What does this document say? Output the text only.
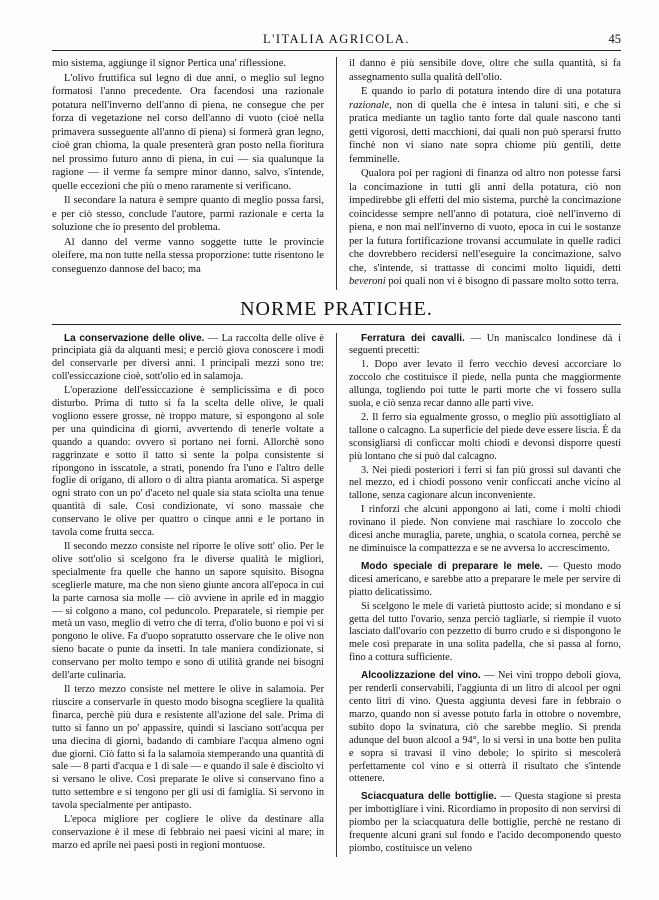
L'ITALIA AGRICOLA.	45

mio sistema, aggiunge il signor Pertica una' riflessione.

L'olivo fruttifica sul legno di due anni, o meglio sul legno formatosi l'anno precedente. Ora facendosi una razionale potatura nell'inverno dell'anno di piena, ne consegue che per forza di vegetazione nel corso dell'anno di vuoto (cioè nella primavera susseguente all'anno di piena) si formerà gran legno, cioè gran chioma, la quale presenterà gran posto nella fioritura nel prossimo futuro anno di piena, in cui — sia qualunque la ragione — il verme fa sempre minor danno, salvo, s'intende, quelle eccezioni che più o meno raramente si verificano.

Il secondare la natura è sempre quanto di meglio possa farsi, e per ciò stesso, conclude l'autore, parmi razionale e certa la soluzione che io presento del problema.

Al danno del verme vanno soggette tutte le provincie oleifere, ma non tutte nella stessa proporzione: tutte risentono le conseguenzo dannose del baco; ma

il danno è più sensibile dove, oltre che sulla quantità, si fa assegnamento sulla qualità dell'olio.

E quando io parlo di potatura intendo dire di una potatura razionale, non di quella che è intesa in taluni siti, e che si pratica mediante un taglio tanto forte dal quale nascono tanti getti vigorosi, detti macchioni, dai quali non può sperarsi frutto finchè non vi siano nate sopra chiome più gentili, dette femminelle.

Qualora poi per ragioni di finanza od altro non potesse farsi la concimazione in tutti gli anni della potatura, ciò non impedirebbe gli effetti del mio sistema, purchè la concimazione coincidesse sempre nell'anno di potatura, cioè nell'inverno di piena, e non mai nell'inverno di vuoto, epoca in cui le sostanze per la futura fortificazione trovansi accumulate in quelle radici che dovrebbero recidersi nell'eseguire la concimazione, salvo che, s'intende, si trattasse di concimi molto liquidi, detti beveroni poi quali non vi è bisogno di passare molto sotto terra.

NORME PRATICHE.

La conservazione delle olive. — La raccolta delle olive è principiata già da alquanti mesi; e perciò giova conoscere i modi del conservarle per diversi anni. I principali mezzi sono tre: coll'essiccazione cioè, sott'olio ed in salamoja.

L'operazione dell'essiccazione è semplicissima e di poco disturbo. Prima di tutto si fa la scelta delle olive, le quali vogliono essere grosse, nè troppo mature, si espongono al sole per una quindicina di giorni, avvertendo di tenerle voltate a quando a quando: ovvero si portano nei forni. Allorchè sono raggrinzate e sotto il tatto si sente la polpa consistente si ripongono in isscatole, a strati, ponendo fra l'uno e l'altro delle foglie di origano, di alloro o di altra pianta aromatica. Si asperge ogni strato con un po' d'aceto nel quale sia stata sciolta una tenue quantità di sale. Così condizionate, vi sono massaie che conservano le olive per quattro o cinque anni e le portano in tavola come frutta secca.

Il secondo mezzo consiste nel riporre le olive sott' olio. Per le olive sott'olio si scelgono fra le diverse qualità le migliori, specialmente fra quelle che hanno un sapore squisito. Bisogna sceglierle mature, ma che non sieno giunte ancora all'epoca in cui la parte carnosa sia molle — ciò avviene in aprile ed in maggio — si colgono a mano, col peduncolo. Preparatele, si riempie per metà un vaso, meglio di vetro che di terra, d'olio buono e poi vi si pongono le olive. Fa d'uopo sopratutto osservare che le olive non sieno bacate o punte da insetti. In tale maniera condizionate, si conservano per molto tempo e sono di utilità grande nei bisogni dell'arte culinaria.

Il terzo mezzo consiste nel mettere le olive in salamoia. Per riuscire a conservarle in questo modo bisogna scegliere la qualità finarca, perchè più dura e resistente all'azione del sale. Prima di tutto si fanno un po' appassire, quindi si lasciano sott'acqua per una diecina di giorni, badando di cambiare l'acqua almeno ogni due giorni. Ciò fatto si fa la salamoia stemperando una quantità di sale — 8 parti d'acqua e 1 di sale — e quando il sale è disciolto vi si versano le olive. Così preparate le olive si conservano fino a tutto settembre e si tengono per gli usi di famiglia. Si servono in tavola specialmente per antipasto.

L'epoca migliore per cogliere le olive da destinare alla conservazione è il mese di febbraio nei paesi vicini al mare; in marzo ed aprile nei paesi posti in regioni montuose.

Ferratura dei cavalli. — Un maniscalco londinese dà i seguenti precetti:

1. Dopo aver levato il ferro vecchio devesi accorciare lo zoccolo che costituisce il piede, nella punta che maggiormente allunga, togliendo poi tutte le parti morte che vi fossero sulla suola, e ciò senza recar danno alle parti vive.

2. Il ferro sia egualmente grosso, o meglio più assottigliato al tallone o calcagno. La superficie del piede deve essere liscia. È da sconsigliarsi di conficcar molti chiodi e devonsi disporre questi più lontano che si può dal calcagno.

3. Nei piedi posteriori i ferri si fan più grossi sul davanti che nel mezzo, ed i chiodi possono venir conficcati anche vicino al tallone, senza cagionare alcun inconveniente.

I rinforzi che alcuni appongono ai lati, come i molti chiodi rovinano il piede. Non conviene mai raschiare lo zoccolo che dicesi anche muraglia, parete, unghia, o scatola cornea, perchè se ne diminuisce la compattezza e se ne avversa lo accrescimento.

Modo speciale di preparare le mele. — Questo modo dicesi americano, e sarebbe atto a preparare le mele per servire di piatto delicatissimo.

Si scelgono le mele di varietà piuttosto acide; si mondano e si getta del tutto l'ovario, senza perciò tagliarle, si riempie il vuoto lasciato dall'ovario con pezzetto di burro crudo e si dispongono le mele così preparate in una solita padella, che si passa al forno, fino a cottura sufficiente.

Alcoolizzazione del vino. — Nei vini troppo deboli giova, per renderli conservabili, l'aggiunta di un litro di alcool per ogni cento litri di vino. Questa aggiunta devesi fare in febbraio o marzo, quando non si avesse potuto farla in ottobre o novembre, subito dopo la svinatura, ciò che sarebbe meglio. Si prenda adunque del buon alcool a 94°, lo si versi in una botte ben pulita e sopra si travasi il vino debole; lo spirito si mescolerà perfettamente col vino e si otterrà il risultato che s'intende ottenere.

Sciacquatura delle bottiglie. — Questa stagione si presta per imbottigliare i vini. Ricordiamo in proposito di non servirsi di piombo per la sciacquatura delle bottiglie, perchè ne restano di frequente alcuni grani sul fondo e l'acido decomponendo questo piombo, costituisce un veleno
